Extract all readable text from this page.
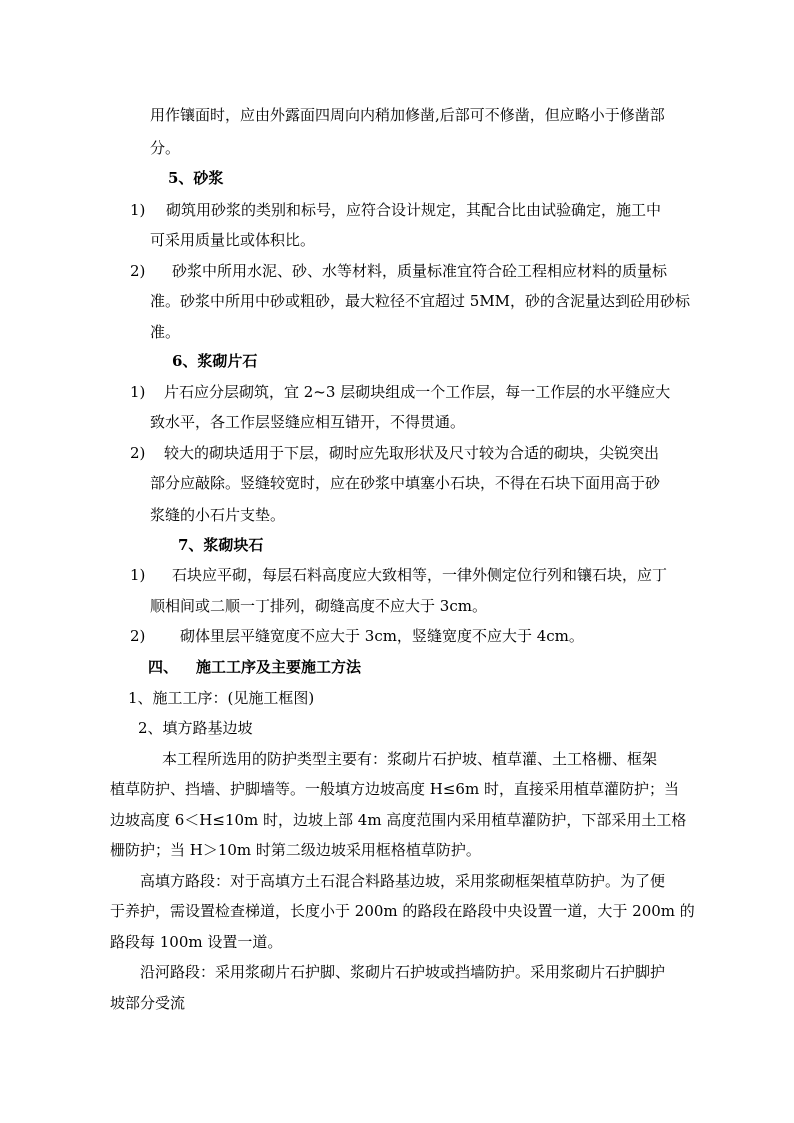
用作镶面时，应由外露面四周向内稍加修凿,后部可不修凿，但应略小于修凿部
分。
5、砂浆
1) 砌筑用砂浆的类别和标号，应符合设计规定，其配合比由试验确定，施工中
可采用质量比或体积比。
2) 砂浆中所用水泥、砂、水等材料，质量标准宜符合砼工程相应材料的质量标
准。砂浆中所用中砂或粗砂，最大粒径不宜超过 5MM，砂的含泥量达到砼用砂标
准。
6、浆砌片石
1) 片石应分层砌筑，宜 2~3 层砌块组成一个工作层，每一工作层的水平缝应大
致水平，各工作层竖缝应相互错开，不得贯通。
2) 较大的砌块适用于下层，砌时应先取形状及尺寸较为合适的砌块，尖锐突出
部分应敲除。竖缝较宽时，应在砂浆中填塞小石块，不得在石块下面用高于砂
浆缝的小石片支垫。
7、浆砌块石
1) 石块应平砌，每层石料高度应大致相等，一律外侧定位行列和镶石块，应丁
顺相间或二顺一丁排列，砌缝高度不应大于 3cm。
2) 砌体里层平缝宽度不应大于 3cm，竖缝宽度不应大于 4cm。
四、 施工工序及主要施工方法
1、施工工序：(见施工框图)
2、填方路基边坡
本工程所选用的防护类型主要有：浆砌片石护坡、植草灌、土工格栅、框架
植草防护、挡墙、护脚墙等。一般填方边坡高度 H≤6m 时，直接采用植草灌防护；当
边坡高度 6＜H≤10m 时，边坡上部 4m 高度范围内采用植草灌防护，下部采用土工格
栅防护；当 H＞10m 时第二级边坡采用框格植草防护。
高填方路段：对于高填方土石混合料路基边坡，采用浆砌框架植草防护。为了便
于养护，需设置检查梯道，长度小于 200m 的路段在路段中央设置一道，大于 200m 的
路段每 100m 设置一道。
沿河路段：采用浆砌片石护脚、浆砌片石护坡或挡墙防护。采用浆砌片石护脚护
坡部分受流
